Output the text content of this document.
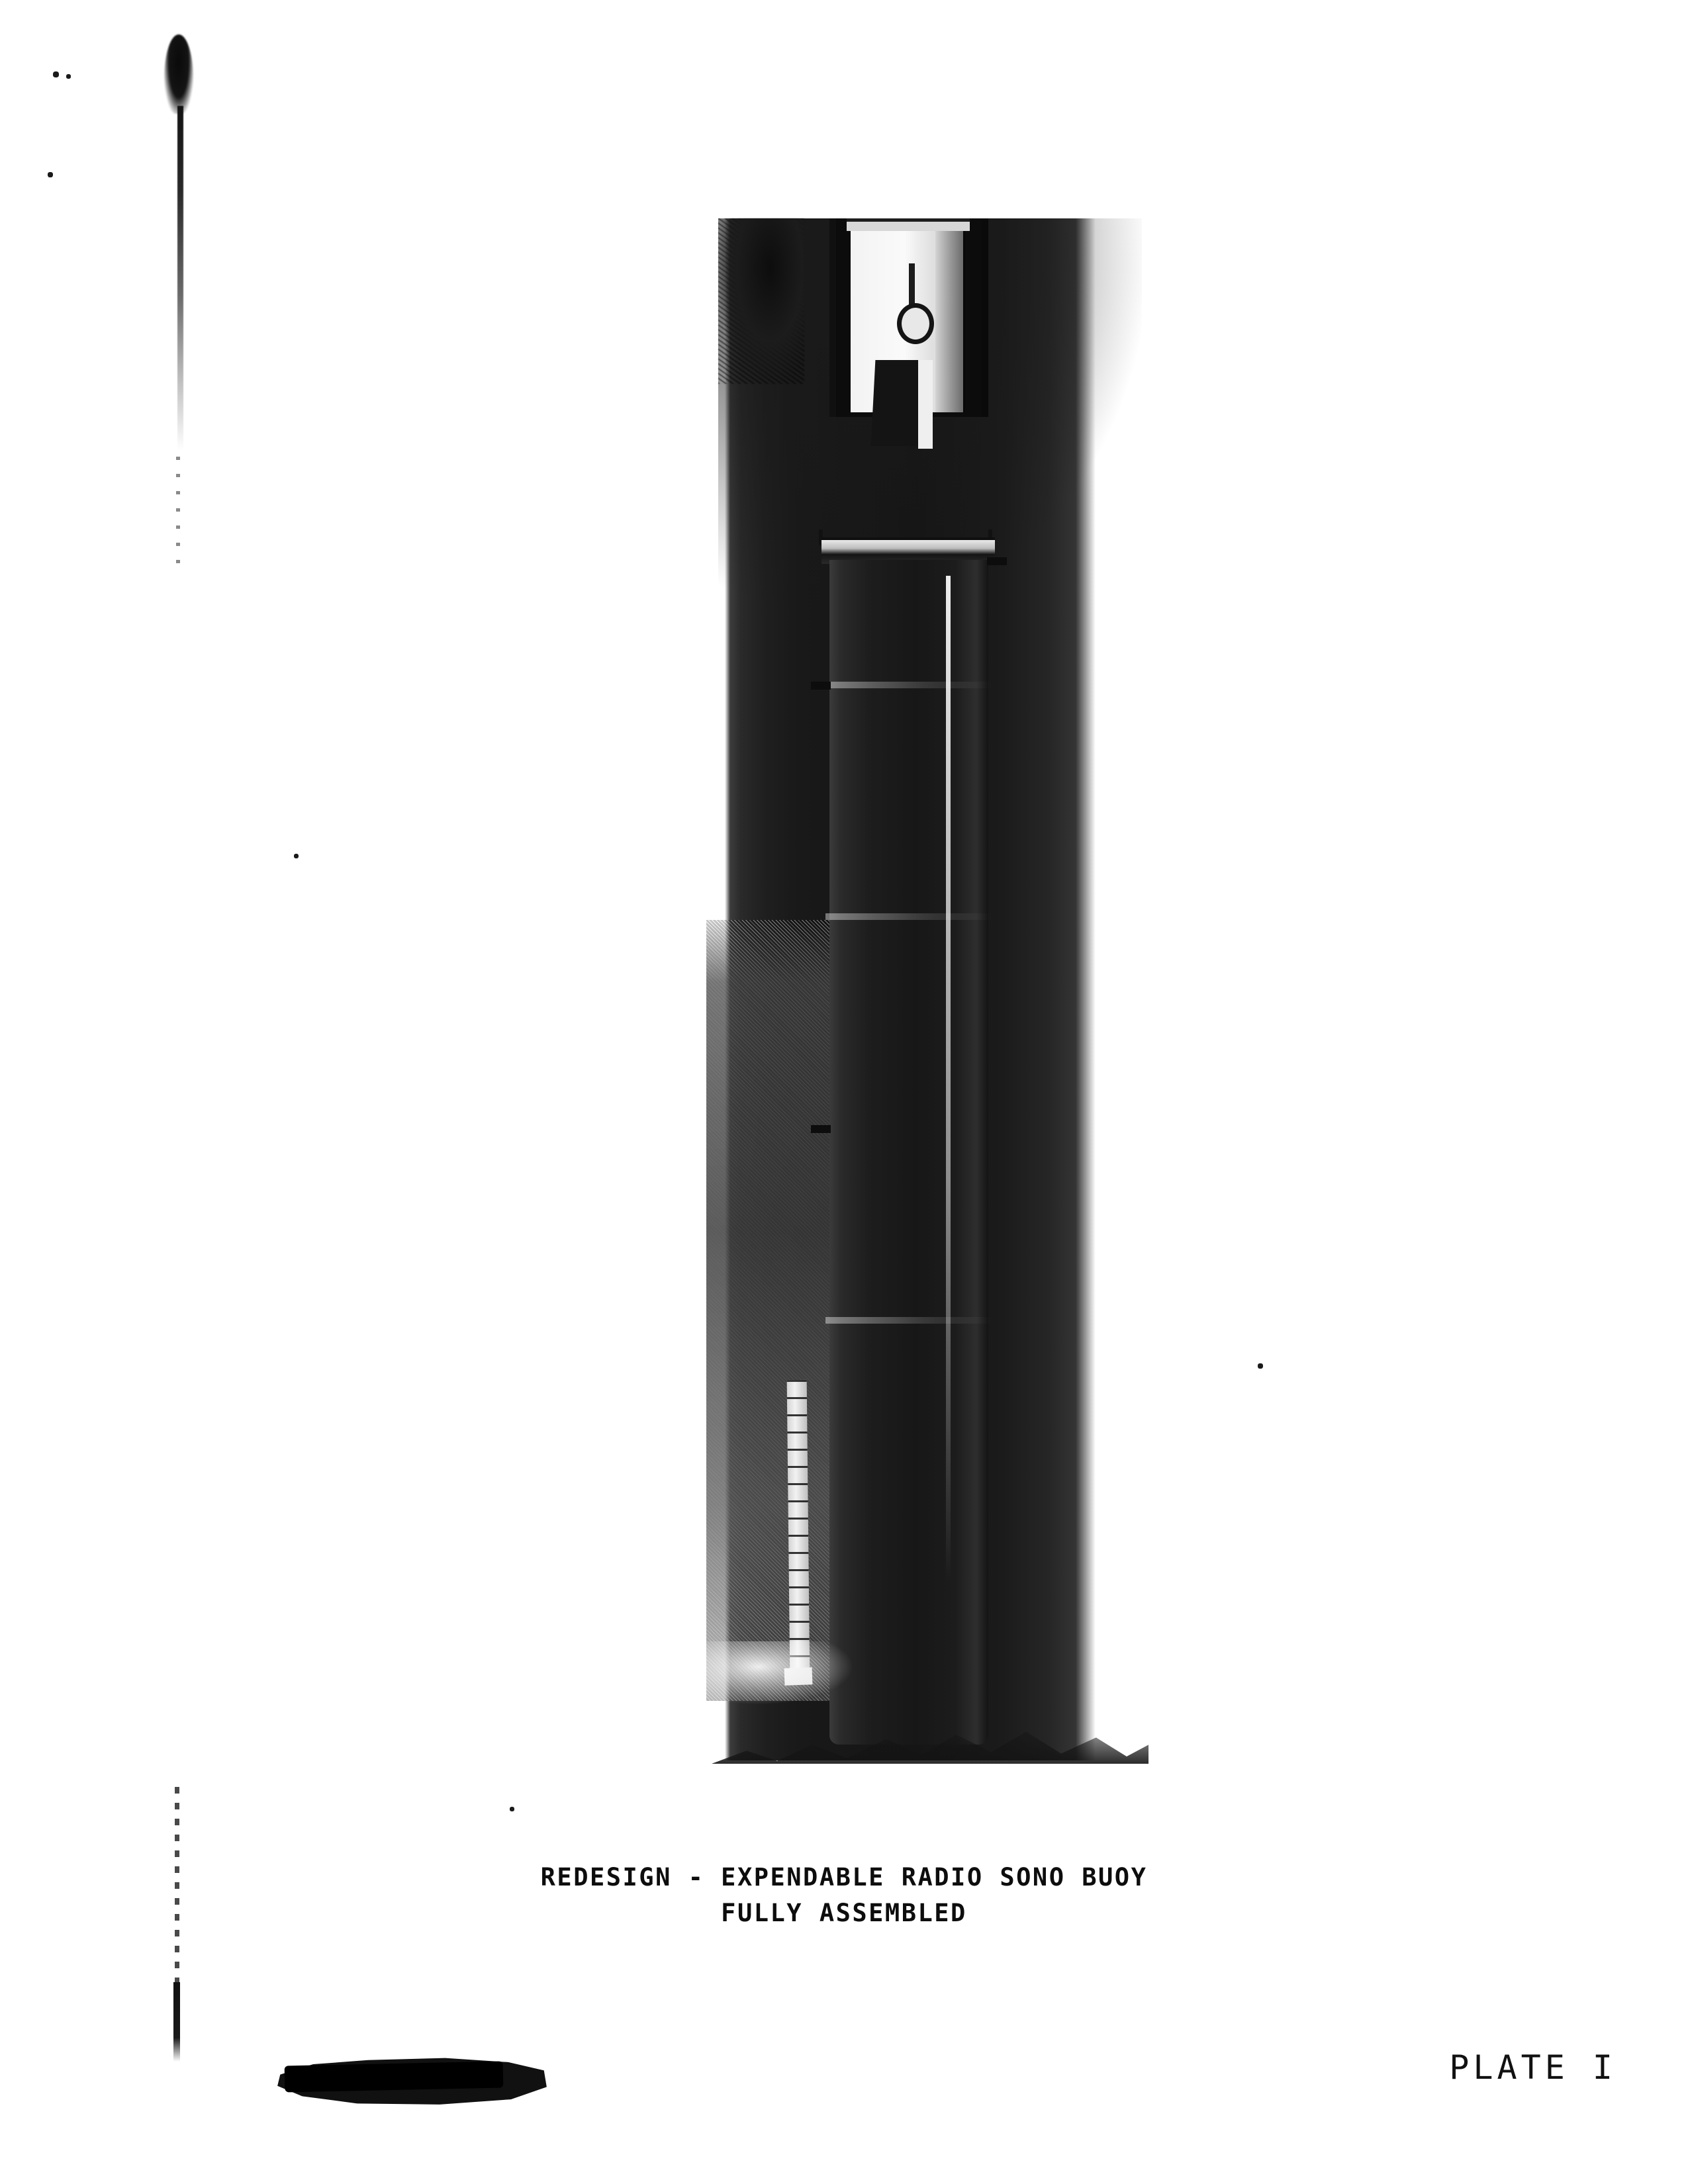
REDESIGN - EXPENDABLE RADIO SONO BUOY
FULLY ASSEMBLED
PLATE I
